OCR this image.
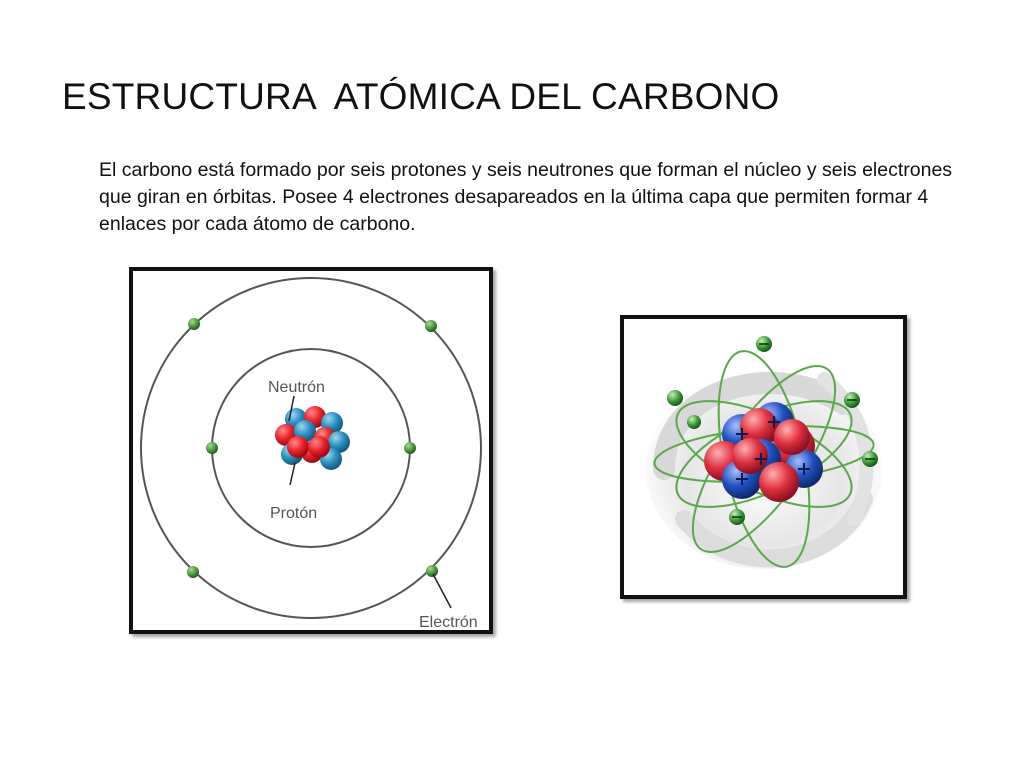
ESTRUCTURA  ATÓMICA DEL CARBONO
El carbono está formado por seis protones y seis neutrones que forman el núcleo y seis electrones que giran en órbitas. Posee 4 electrones desapareados en la última capa que permiten formar 4 enlaces por cada átomo de carbono.
Neutrón
Protón
Electrón
